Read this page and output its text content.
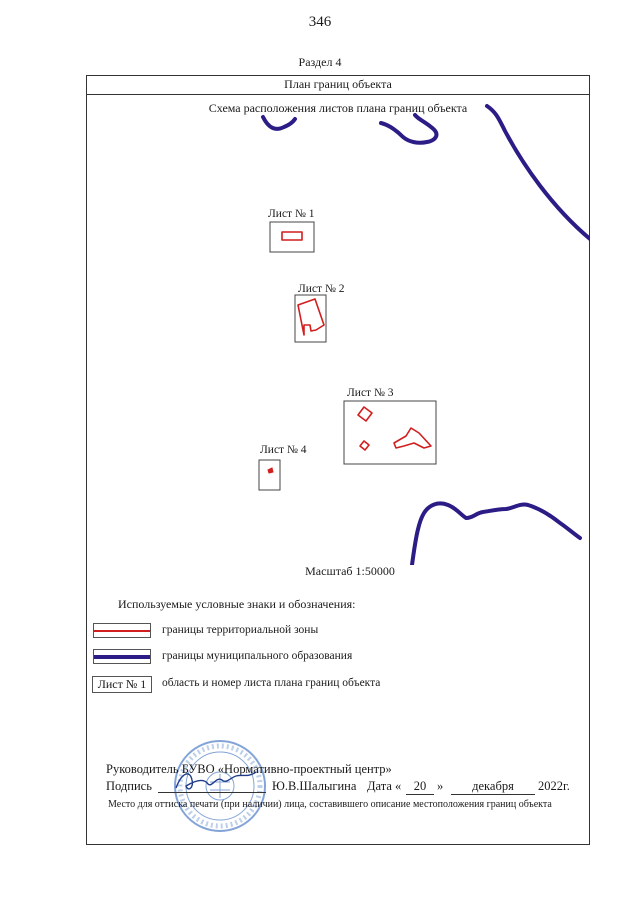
346
Раздел 4
План границ объекта
Схема расположения листов плана границ объекта
Лист № 1
Лист № 2
Лист № 3
Лист № 4
Масштаб 1:50000
Используемые условные знаки и обозначения:
границы территориальной зоны
границы муниципального образования
Лист № 1	область и номер листа плана границ объекта
Руководитель БУВО «Нормативно-проектный центр»
Подпись	Ю.В.Шалыгина Дата « 20 »	декабря	2022г.
Место для оттиска печати (при наличии) лица, составившего описание местоположения границ объекта
